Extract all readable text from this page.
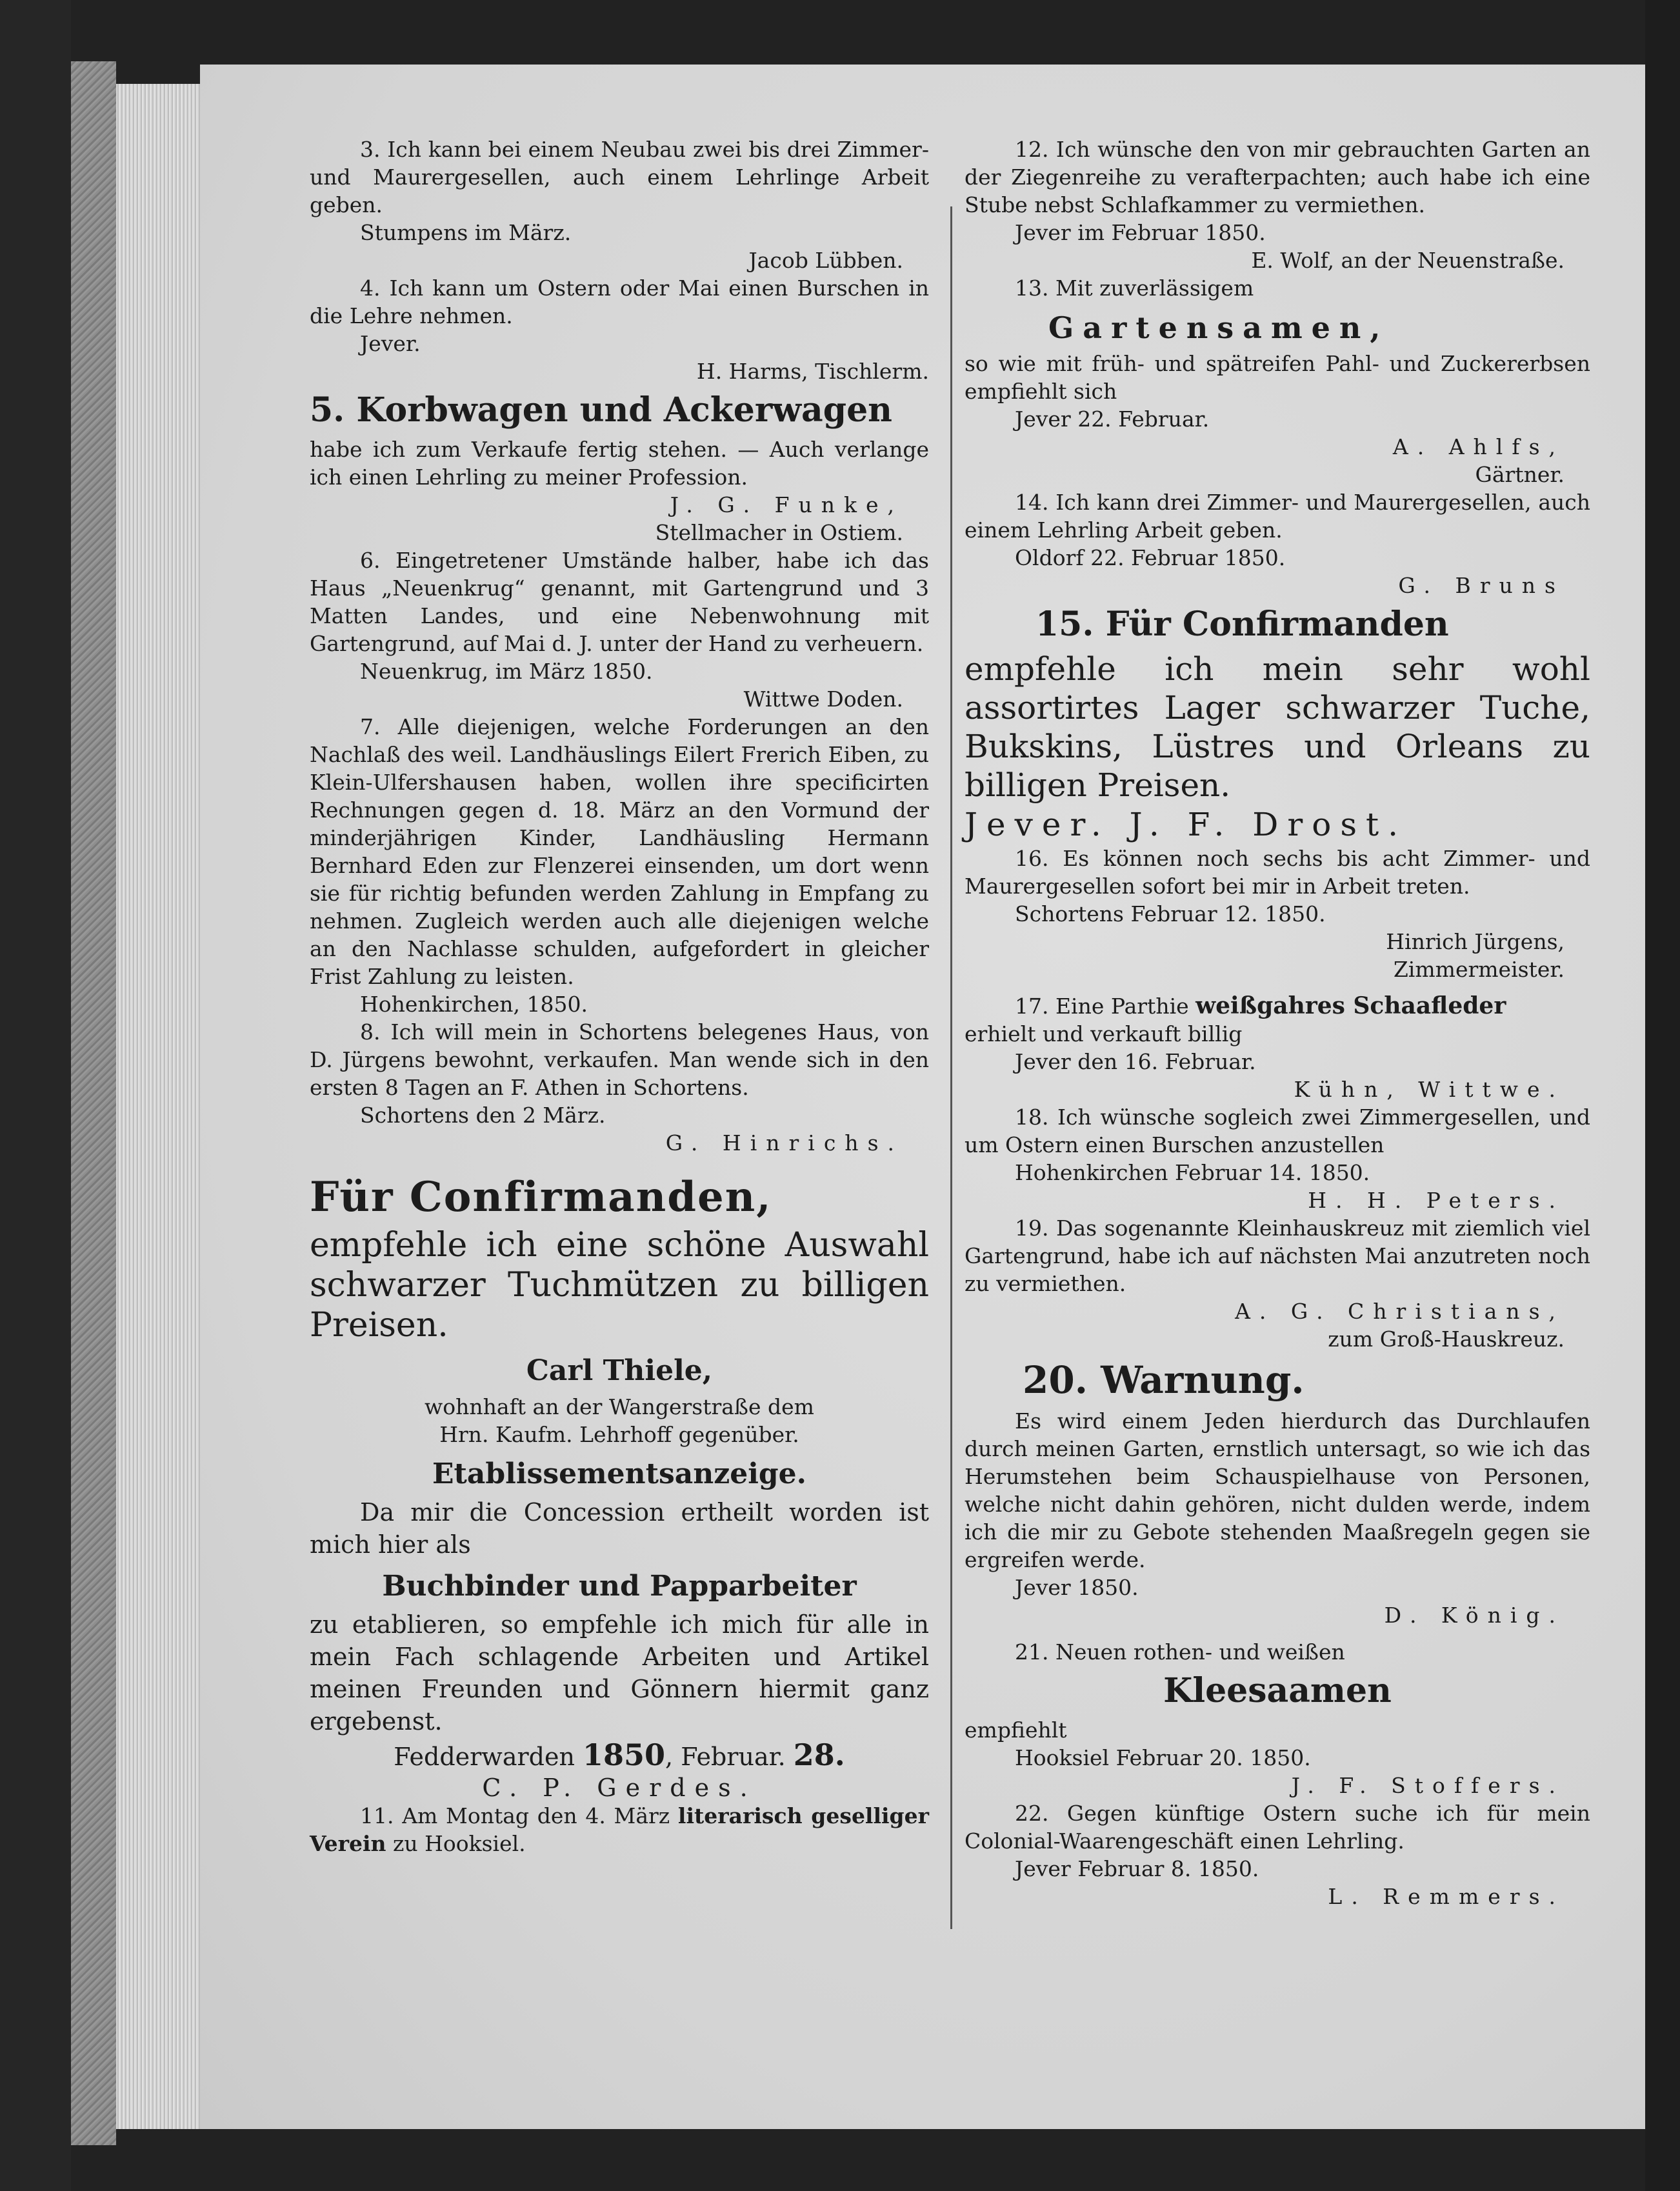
3. Ich kann bei einem Neubau zwei bis drei Zimmer- und Maurergesellen, auch einem Lehrlinge Arbeit geben.

Stumpens im März.

Jacob Lübben.

4. Ich kann um Ostern oder Mai einen Burschen in die Lehre nehmen.

Jever.

H. Harms, Tischlerm.

5. Korbwagen und Ackerwagen

habe ich zum Verkaufe fertig stehen. — Auch verlange ich einen Lehrling zu meiner Profession.

J. G. Funke,

Stellmacher in Ostiem.

6. Eingetretener Umstände halber, habe ich das Haus „Neuenkrug“ genannt, mit Gartengrund und 3 Matten Landes, und eine Nebenwohnung mit Gartengrund, auf Mai d. J. unter der Hand zu verheuern.

Neuenkrug, im März 1850.

Wittwe Doden.

7. Alle diejenigen, welche Forderungen an den Nachlaß des weil. Landhäuslings Eilert Frerich Eiben, zu Klein-Ulfershausen haben, wollen ihre specificirten Rechnungen gegen d. 18. März an den Vormund der minderjährigen Kinder, Landhäusling Hermann Bernhard Eden zur Flenzerei einsenden, um dort wenn sie für richtig befunden werden Zahlung in Empfang zu nehmen. Zugleich werden auch alle diejenigen welche an den Nachlasse schulden, aufgefordert in gleicher Frist Zahlung zu leisten.

Hohenkirchen, 1850.

8. Ich will mein in Schortens belegenes Haus, von D. Jürgens bewohnt, verkaufen. Man wende sich in den ersten 8 Tagen an F. Athen in Schortens.

Schortens den 2 März.

G. Hinrichs.

Für Confirmanden,

empfehle ich eine schöne Auswahl schwarzer Tuchmützen zu billigen Preisen.

Carl Thiele,

wohnhaft an der Wangerstraße dem

Hrn. Kaufm. Lehrhoff gegenüber.

Etablissementsanzeige.

Da mir die Concession ertheilt worden ist mich hier als

Buchbinder und Papparbeiter

zu etablieren, so empfehle ich mich für alle in mein Fach schlagende Arbeiten und Artikel meinen Freunden und Gönnern hiermit ganz ergebenst.

Fedderwarden 1850, Februar. 28.

C. P. Gerdes.

11. Am Montag den 4. März literarisch geselliger Verein zu Hooksiel.

12. Ich wünsche den von mir gebrauchten Garten an der Ziegenreihe zu verafterpachten; auch habe ich eine Stube nebst Schlafkammer zu vermiethen.

Jever im Februar 1850.

E. Wolf, an der Neuenstraße.

13. Mit zuverlässigem

Gartensamen,

so wie mit früh- und spätreifen Pahl- und Zuckererbsen empfiehlt sich

Jever 22. Februar.

A. Ahlfs,

Gärtner.

14. Ich kann drei Zimmer- und Maurergesellen, auch einem Lehrling Arbeit geben.

Oldorf 22. Februar 1850.

G. Bruns

15. Für Confirmanden

empfehle ich mein sehr wohl assortirtes Lager schwarzer Tuche, Bukskins, Lüstres und Orleans zu billigen Preisen.

Jever. J. F. Drost.

16. Es können noch sechs bis acht Zimmer- und Maurergesellen sofort bei mir in Arbeit treten.

Schortens Februar 12. 1850.

Hinrich Jürgens,

Zimmermeister.

17. Eine Parthie weißgahres Schaafleder

erhielt und verkauft billig

Jever den 16. Februar.

Kühn, Wittwe.

18. Ich wünsche sogleich zwei Zimmergesellen, und um Ostern einen Burschen anzustellen

Hohenkirchen Februar 14. 1850.

H. H. Peters.

19. Das sogenannte Kleinhauskreuz mit ziemlich viel Gartengrund, habe ich auf nächsten Mai anzutreten noch zu vermiethen.

A. G. Christians,

zum Groß-Hauskreuz.

20. Warnung.

Es wird einem Jeden hierdurch das Durchlaufen durch meinen Garten, ernstlich untersagt, so wie ich das Herumstehen beim Schauspielhause von Personen, welche nicht dahin gehören, nicht dulden werde, indem ich die mir zu Gebote stehenden Maaßregeln gegen sie ergreifen werde.

Jever 1850.

D. König.

21. Neuen rothen- und weißen

Kleesaamen

empfiehlt

Hooksiel Februar 20. 1850.

J. F. Stoffers.

22. Gegen künftige Ostern suche ich für mein Colonial-Waarengeschäft einen Lehrling.

Jever Februar 8. 1850.

L. Remmers.
